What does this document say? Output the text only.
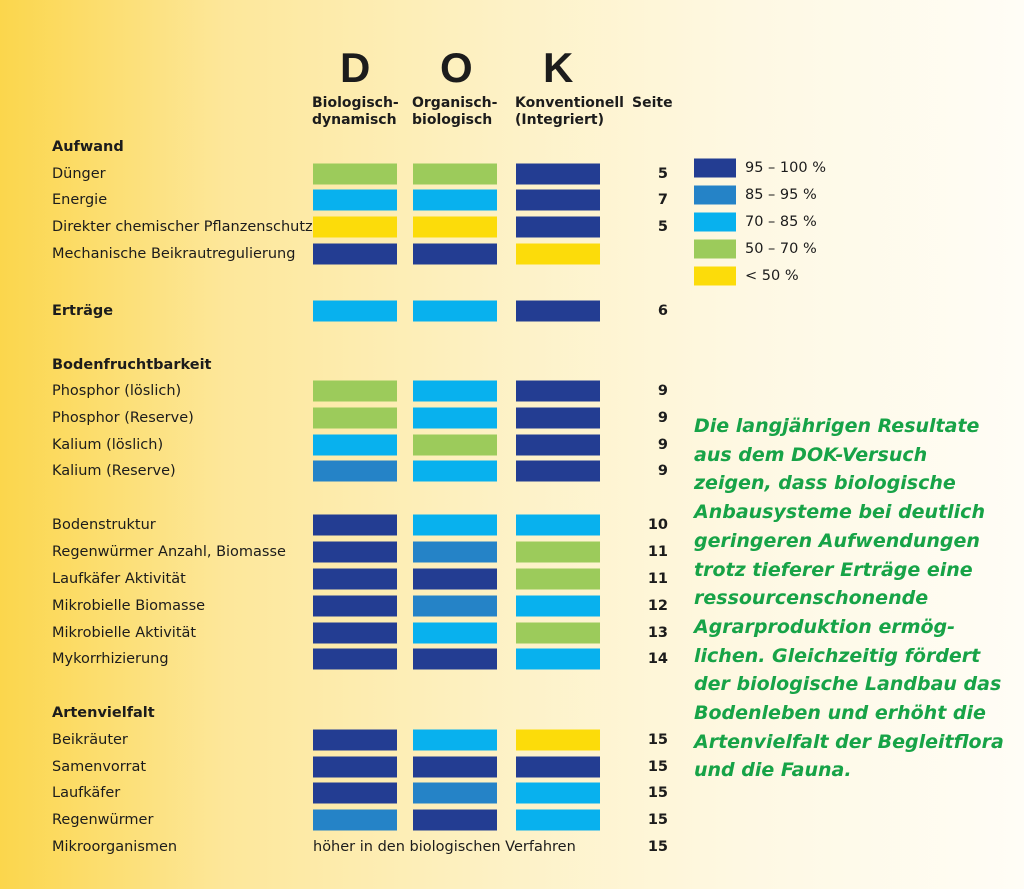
D O K
Biologisch-
dynamisch
Organisch-
biologisch
Konventionell
(Integriert)
Seite
Aufwand
Dünger	5
Energie	7
Direkter chemischer Pflanzenschutz	5
Mechanische Beikrautregulierung
Erträge	6
Bodenfruchtbarkeit
Phosphor (löslich)	9
Phosphor (Reserve)	9
Kalium (löslich)	9
Kalium (Reserve)	9
Bodenstruktur	10
Regenwürmer Anzahl, Biomasse	11
Laufkäfer Aktivität	11
Mikrobielle Biomasse	12
Mikrobielle Aktivität	13
Mykorrhizierung	14
Artenvielfalt
Beikräuter	15
Samenvorrat	15
Laufkäfer	15
Regenwürmer	15
Mikroorganismen	höher in den biologischen Verfahren	15
95 – 100 %
85 – 95 %
70 – 85 %
50 – 70 %
< 50 %
Die langjährigen Resultate
aus dem DOK-Versuch
zeigen, dass biologische
Anbausysteme bei deutlich
geringeren Aufwendungen
trotz tieferer Erträge eine
ressourcenschonende
Agrarproduktion ermög-
lichen. Gleichzeitig fördert
der biologische Landbau das
Bodenleben und erhöht die
Artenvielfalt der Begleitflora
und die Fauna.
